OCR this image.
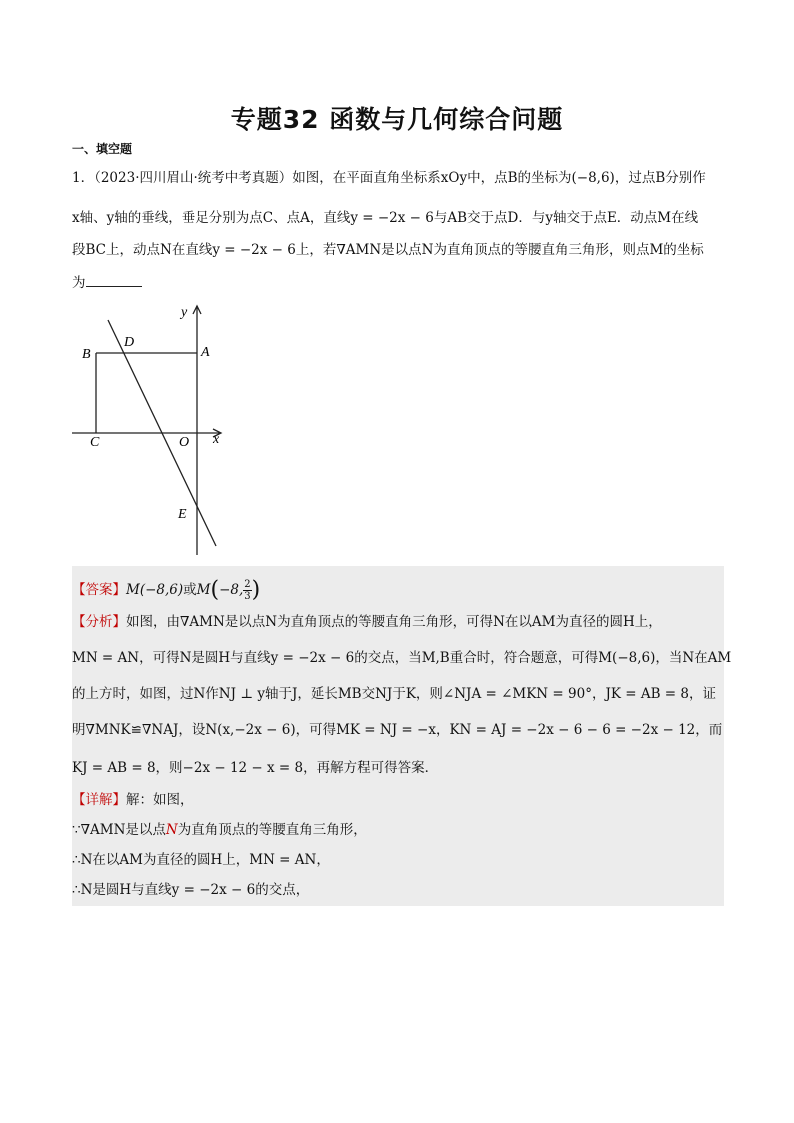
专题32 函数与几何综合问题
一、填空题
1．（2023·四川眉山·统考中考真题）如图，在平面直角坐标系xOy中，点B的坐标为(−8,6)，过点B分别作
x轴、y轴的垂线，垂足分别为点C、点A，直线y = −2x − 6与AB交于点D．与y轴交于点E．动点M在线
段BC上，动点N在直线y = −2x − 6上，若∇AMN是以点N为直角顶点的等腰直角三角形，则点M的坐标
为
y
x
B
D
A
C	O
E
【答案】M(−8,6)或M(−8, $\frac{2}{3}$ )
【分析】如图，由∇AMN是以点N为直角顶点的等腰直角三角形，可得N在以AM为直径的圆H上，
MN = AN，可得N是圆H与直线y = −2x − 6的交点，当M,B重合时，符合题意，可得M(−8,6)，当N在AM
的上方时，如图，过N作NJ ⊥ y轴于J，延长MB交NJ于K，则∠NJA = ∠MKN = 90°，JK = AB = 8，证
明∇MNK≌∇NAJ，设N(x,−2x − 6)，可得MK = NJ = −x，KN = AJ = −2x − 6 − 6 = −2x − 12，而
KJ = AB = 8，则−2x − 12 − x = 8，再解方程可得答案．
【详解】解：如图，
∵∇AMN是以点N为直角顶点的等腰直角三角形，
∴N在以AM为直径的圆H上，MN = AN，
∴N是圆H与直线y = −2x − 6的交点，
